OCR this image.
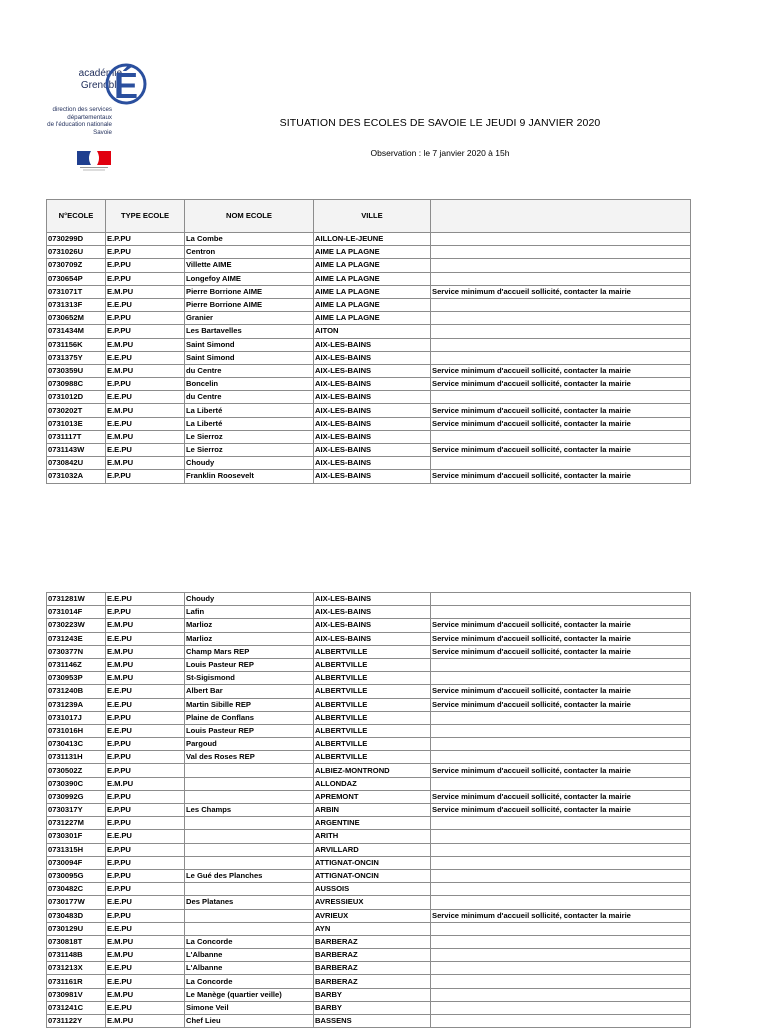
académie
Grenoble
É
direction des services
départementaux
de l'éducation nationale
Savoie
SITUATION DES ECOLES DE SAVOIE LE JEUDI 9 JANVIER 2020
Observation : le 7 janvier 2020 à 15h
N°ECOLE	TYPE ECOLE	NOM ECOLE	VILLE	
0730299D	E.P.PU	La Combe	AILLON-LE-JEUNE	
0731026U	E.P.PU	Centron	AIME LA PLAGNE	
0730709Z	E.P.PU	Villette AIME	AIME LA PLAGNE	
0730654P	E.P.PU	Longefoy AIME	AIME LA PLAGNE	
0731071T	E.M.PU	Pierre Borrione AIME	AIME LA PLAGNE	Service minimum d'accueil sollicité, contacter la mairie
0731313F	E.E.PU	Pierre Borrione AIME	AIME LA PLAGNE	
0730652M	E.P.PU	Granier	AIME LA PLAGNE	
0731434M	E.P.PU	Les Bartavelles	AITON	
0731156K	E.M.PU	Saint Simond	AIX-LES-BAINS	
0731375Y	E.E.PU	Saint Simond	AIX-LES-BAINS	
0730359U	E.M.PU	du Centre	AIX-LES-BAINS	Service minimum d'accueil sollicité, contacter la mairie
0730988C	E.P.PU	Boncelin	AIX-LES-BAINS	Service minimum d'accueil sollicité, contacter la mairie
0731012D	E.E.PU	du Centre	AIX-LES-BAINS	
0730202T	E.M.PU	La Liberté	AIX-LES-BAINS	Service minimum d'accueil sollicité, contacter la mairie
0731013E	E.E.PU	La Liberté	AIX-LES-BAINS	Service minimum d'accueil sollicité, contacter la mairie
0731117T	E.M.PU	Le Sierroz	AIX-LES-BAINS	
0731143W	E.E.PU	Le Sierroz	AIX-LES-BAINS	Service minimum d'accueil sollicité, contacter la mairie
0730842U	E.M.PU	Choudy	AIX-LES-BAINS	
0731032A	E.P.PU	Franklin Roosevelt	AIX-LES-BAINS	Service minimum d'accueil sollicité, contacter la mairie
0731281W	E.E.PU	Choudy	AIX-LES-BAINS	
0731014F	E.P.PU	Lafin	AIX-LES-BAINS	
0730223W	E.M.PU	Marlioz	AIX-LES-BAINS	Service minimum d'accueil sollicité, contacter la mairie
0731243E	E.E.PU	Marlioz	AIX-LES-BAINS	Service minimum d'accueil sollicité, contacter la mairie
0730377N	E.M.PU	Champ Mars REP	ALBERTVILLE	Service minimum d'accueil sollicité, contacter la mairie
0731146Z	E.M.PU	Louis Pasteur REP	ALBERTVILLE	
0730953P	E.M.PU	St-Sigismond	ALBERTVILLE	
0731240B	E.E.PU	Albert Bar	ALBERTVILLE	Service minimum d'accueil sollicité, contacter la mairie
0731239A	E.E.PU	Martin Sibille REP	ALBERTVILLE	Service minimum d'accueil sollicité, contacter la mairie
0731017J	E.P.PU	Plaine de Conflans	ALBERTVILLE	
0731016H	E.E.PU	Louis Pasteur REP	ALBERTVILLE	
0730413C	E.P.PU	Pargoud	ALBERTVILLE	
0731131H	E.P.PU	Val des Roses REP	ALBERTVILLE	
0730502Z	E.P.PU		ALBIEZ-MONTROND	Service minimum d'accueil sollicité, contacter la mairie
0730390C	E.M.PU		ALLONDAZ	
0730992G	E.P.PU		APREMONT	Service minimum d'accueil sollicité, contacter la mairie
0730317Y	E.P.PU	Les Champs	ARBIN	Service minimum d'accueil sollicité, contacter la mairie
0731227M	E.P.PU		ARGENTINE	
0730301F	E.E.PU		ARITH	
0731315H	E.P.PU		ARVILLARD	
0730094F	E.P.PU		ATTIGNAT-ONCIN	
0730095G	E.P.PU	Le Gué des Planches	ATTIGNAT-ONCIN	
0730482C	E.P.PU		AUSSOIS	
0730177W	E.E.PU	Des Platanes	AVRESSIEUX	
0730483D	E.P.PU		AVRIEUX	Service minimum d'accueil sollicité, contacter la mairie
0730129U	E.E.PU		AYN	
0730818T	E.M.PU	La Concorde	BARBERAZ	
0731148B	E.M.PU	L'Albanne	BARBERAZ	
0731213X	E.E.PU	L'Albanne	BARBERAZ	
0731161R	E.E.PU	La Concorde	BARBERAZ	
0730981V	E.M.PU	Le Manège (quartier veille)	BARBY	
0731241C	E.E.PU	Simone Veil	BARBY	
0731122Y	E.M.PU	Chef Lieu	BASSENS	
